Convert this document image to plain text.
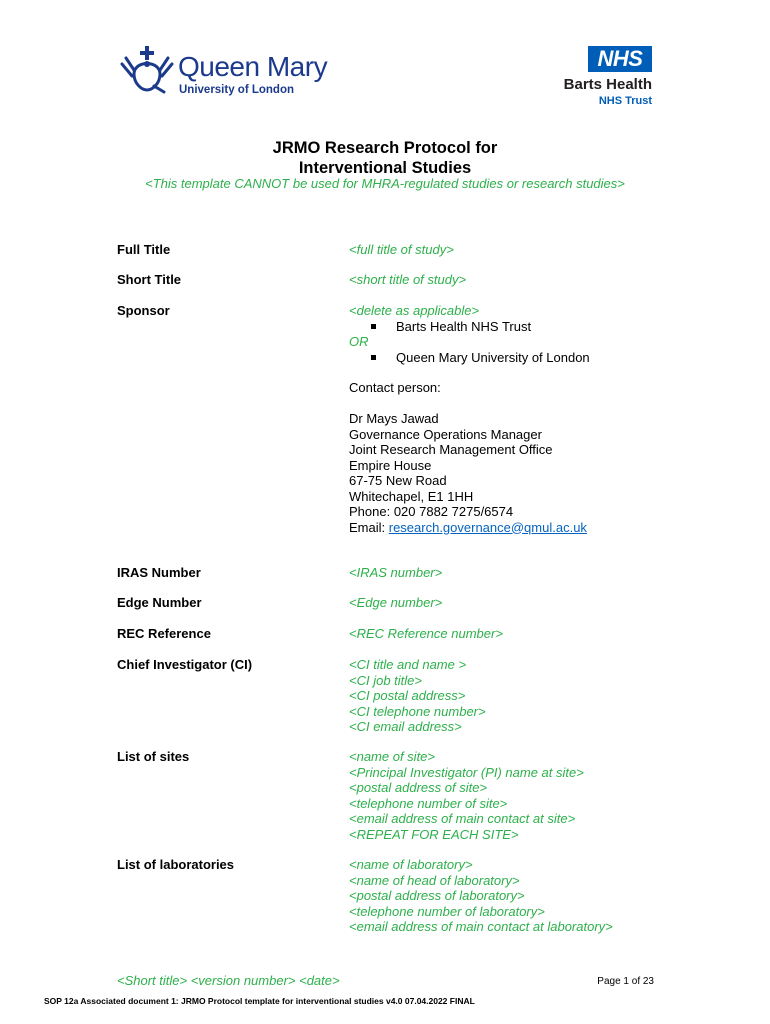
Queen Mary
University of London
NHS
Barts Health
NHS Trust
JRMO Research Protocol for
Interventional Studies
<This template CANNOT be used for MHRA-regulated studies or research studies>
Full Title	<full title of study>
Short Title	<short title of study>
Sponsor	<delete as applicable>
Barts Health NHS Trust
OR
Queen Mary University of London
Contact person:
Dr Mays Jawad
Governance Operations Manager
Joint Research Management Office
Empire House
67-75 New Road
Whitechapel, E1 1HH
Phone: 020 7882 7275/6574
Email: research.governance@qmul.ac.uk
IRAS Number	<IRAS number>
Edge Number	<Edge number>
REC Reference	<REC Reference number>
Chief Investigator (CI)	<CI title and name >
<CI job title>
<CI postal address>
<CI telephone number>
<CI email address>
List of sites	<name of site>
<Principal Investigator (PI) name at site>
<postal address of site>
<telephone number of site>
<email address of main contact at site>
<REPEAT FOR EACH SITE>
List of laboratories	<name of laboratory>
<name of head of laboratory>
<postal address of laboratory>
<telephone number of laboratory>
<email address of main contact at laboratory>
<Short title> <version number> <date>	Page 1 of 23
SOP 12a Associated document 1: JRMO Protocol template for interventional studies v4.0 07.04.2022 FINAL
